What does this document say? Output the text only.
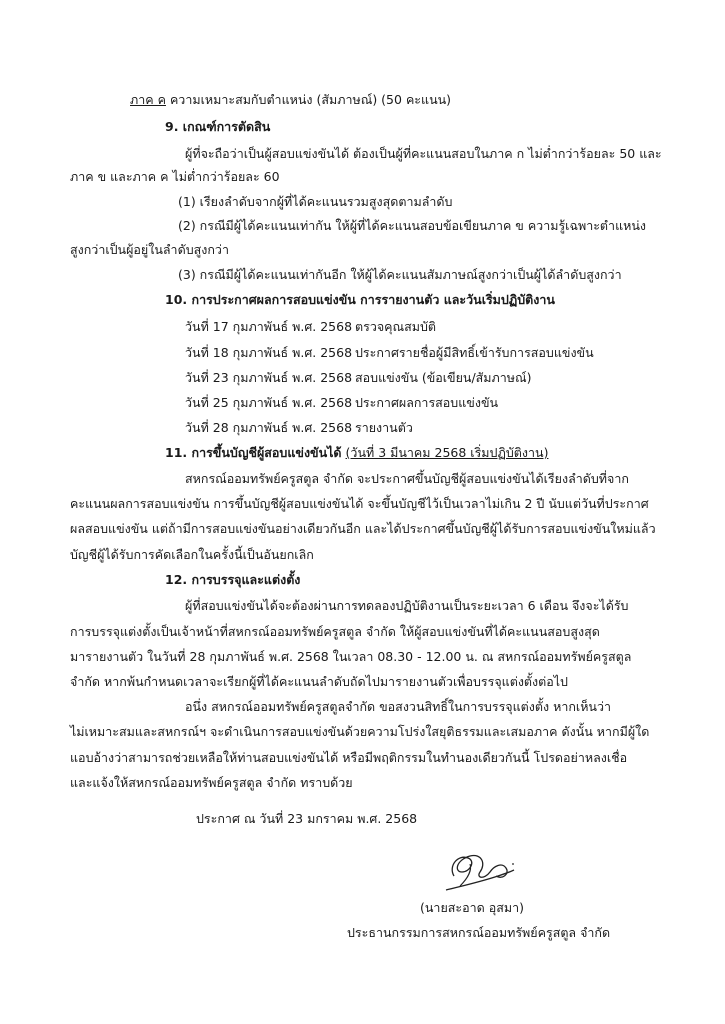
ภาค ค ความเหมาะสมกับตำแหน่ง (สัมภาษณ์) (50 คะแนน)
9. เกณฑ์การตัดสิน
ผู้ที่จะถือว่าเป็นผู้สอบแข่งขันได้ ต้องเป็นผู้ที่คะแนนสอบในภาค ก ไม่ต่ำกว่าร้อยละ 50 และ
ภาค ข และภาค ค ไม่ต่ำกว่าร้อยละ 60
(1) เรียงลำดับจากผู้ที่ได้คะแนนรวมสูงสุดตามลำดับ
(2) กรณีมีผู้ได้คะแนนเท่ากัน ให้ผู้ที่ได้คะแนนสอบข้อเขียนภาค ข ความรู้เฉพาะตำแหน่ง
สูงกว่าเป็นผู้อยู่ในลำดับสูงกว่า
(3) กรณีมีผู้ได้คะแนนเท่ากันอีก ให้ผู้ได้คะแนนสัมภาษณ์สูงกว่าเป็นผู้ได้ลำดับสูงกว่า
10. การประกาศผลการสอบแข่งขัน การรายงานตัว และวันเริ่มปฏิบัติงาน
วันที่ 17 กุมภาพันธ์ พ.ศ. 2568 ตรวจคุณสมบัติ
วันที่ 18 กุมภาพันธ์ พ.ศ. 2568 ประกาศรายชื่อผู้มีสิทธิ์เข้ารับการสอบแข่งขัน
วันที่ 23 กุมภาพันธ์ พ.ศ. 2568 สอบแข่งขัน (ข้อเขียน/สัมภาษณ์)
วันที่ 25 กุมภาพันธ์ พ.ศ. 2568 ประกาศผลการสอบแข่งขัน
วันที่ 28 กุมภาพันธ์ พ.ศ. 2568 รายงานตัว
11. การขึ้นบัญชีผู้สอบแข่งขันได้ (วันที่ 3 มีนาคม 2568 เริ่มปฏิบัติงาน)
สหกรณ์ออมทรัพย์ครูสตูล จำกัด จะประกาศขึ้นบัญชีผู้สอบแข่งขันได้เรียงลำดับที่จาก
คะแนนผลการสอบแข่งขัน การขึ้นบัญชีผู้สอบแข่งขันได้ จะขึ้นบัญชีไว้เป็นเวลาไม่เกิน 2 ปี นับแต่วันที่ประกาศ
ผลสอบแข่งขัน แต่ถ้ามีการสอบแข่งขันอย่างเดียวกันอีก และได้ประกาศขึ้นบัญชีผู้ได้รับการสอบแข่งขันใหม่แล้ว
บัญชีผู้ได้รับการคัดเลือกในครั้งนี้เป็นอันยกเลิก
12. การบรรจุและแต่งตั้ง
ผู้ที่สอบแข่งขันได้จะต้องผ่านการทดลองปฏิบัติงานเป็นระยะเวลา 6 เดือน จึงจะได้รับ
การบรรจุแต่งตั้งเป็นเจ้าหน้าที่สหกรณ์ออมทรัพย์ครูสตูล จำกัด ให้ผู้สอบแข่งขันที่ได้คะแนนสอบสูงสุด
มารายงานตัว ในวันที่ 28 กุมภาพันธ์ พ.ศ. 2568 ในเวลา 08.30 - 12.00 น. ณ สหกรณ์ออมทรัพย์ครูสตูล
จำกัด หากพ้นกำหนดเวลาจะเรียกผู้ที่ได้คะแนนลำดับถัดไปมารายงานตัวเพื่อบรรจุแต่งตั้งต่อไป
อนึ่ง สหกรณ์ออมทรัพย์ครูสตูลจำกัด ขอสงวนสิทธิ์ในการบรรจุแต่งตั้ง หากเห็นว่า
ไม่เหมาะสมและสหกรณ์ฯ จะดำเนินการสอบแข่งขันด้วยความโปร่งใสยุติธรรมและเสมอภาค ดังนั้น หากมีผู้ใด
แอบอ้างว่าสามารถช่วยเหลือให้ท่านสอบแข่งขันได้ หรือมีพฤติกรรมในทำนองเดียวกันนี้ โปรดอย่าหลงเชื่อ
และแจ้งให้สหกรณ์ออมทรัพย์ครูสตูล จำกัด ทราบด้วย
ประกาศ ณ วันที่ 23 มกราคม พ.ศ. 2568
(นายสะอาด อุสมา)
ประธานกรรมการสหกรณ์ออมทรัพย์ครูสตูล จำกัด
